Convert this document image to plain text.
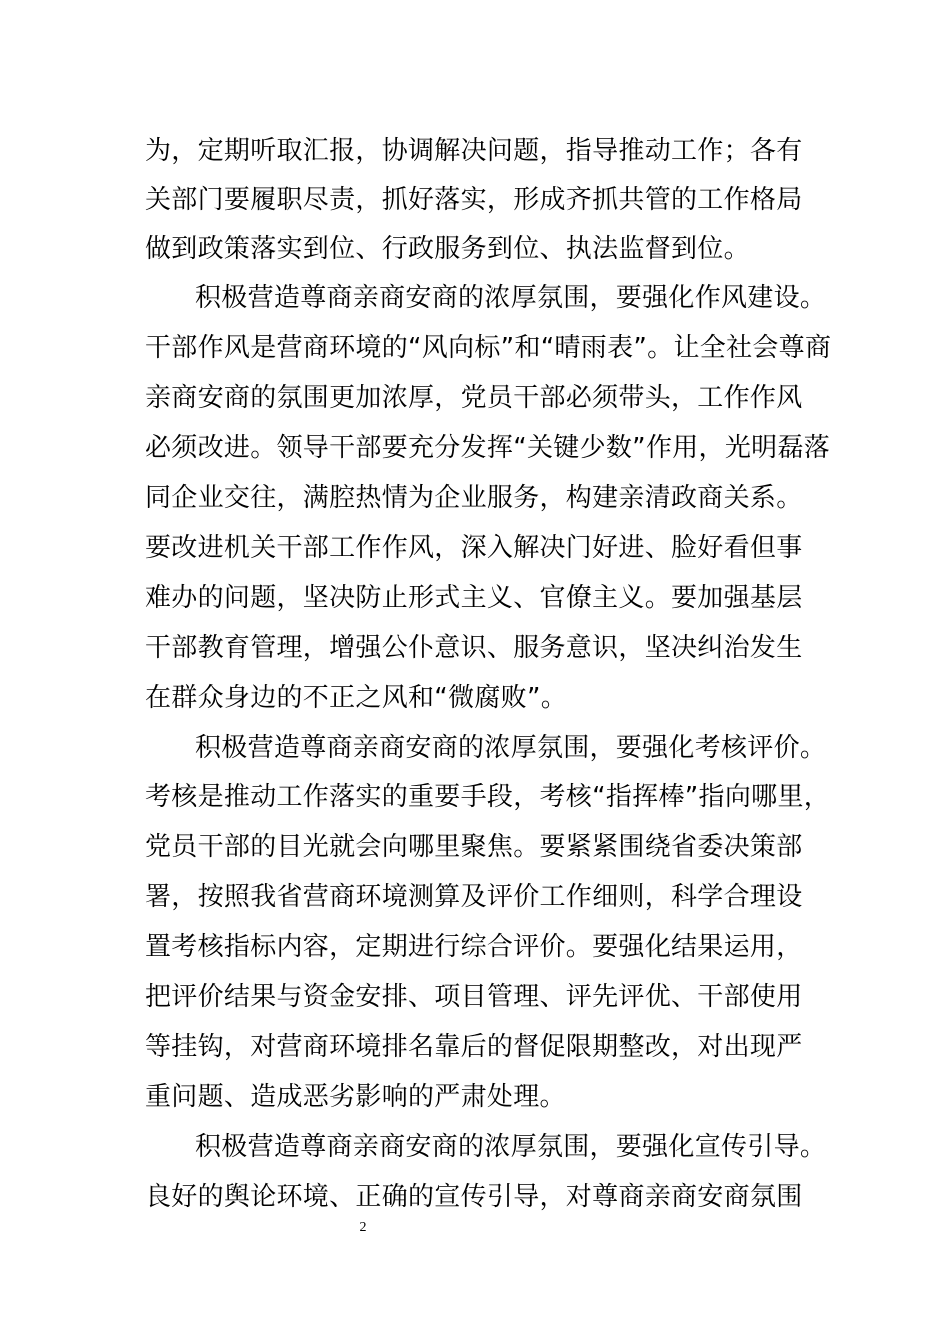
为，定期听取汇报，协调解决问题，指导推动工作；各有
关部门要履职尽责，抓好落实，形成齐抓共管的工作格局
做到政策落实到位、行政服务到位、执法监督到位。
积极营造尊商亲商安商的浓厚氛围，要强化作风建设。
干部作风是营商环境的“风向标”和“晴雨表”。让全社会尊商
亲商安商的氛围更加浓厚，党员干部必须带头，工作作风
必须改进。领导干部要充分发挥“关键少数”作用，光明磊落
同企业交往，满腔热情为企业服务，构建亲清政商关系。
要改进机关干部工作作风，深入解决门好进、脸好看但事
难办的问题，坚决防止形式主义、官僚主义。要加强基层
干部教育管理，增强公仆意识、服务意识，坚决纠治发生
在群众身边的不正之风和“微腐败”。
积极营造尊商亲商安商的浓厚氛围，要强化考核评价。
考核是推动工作落实的重要手段，考核“指挥棒”指向哪里，
党员干部的目光就会向哪里聚焦。要紧紧围绕省委决策部
署，按照我省营商环境测算及评价工作细则，科学合理设
置考核指标内容，定期进行综合评价。要强化结果运用，
把评价结果与资金安排、项目管理、评先评优、干部使用
等挂钩，对营商环境排名靠后的督促限期整改，对出现严
重问题、造成恶劣影响的严肃处理。
积极营造尊商亲商安商的浓厚氛围，要强化宣传引导。
良好的舆论环境、正确的宣传引导，对尊商亲商安商氛围
2
